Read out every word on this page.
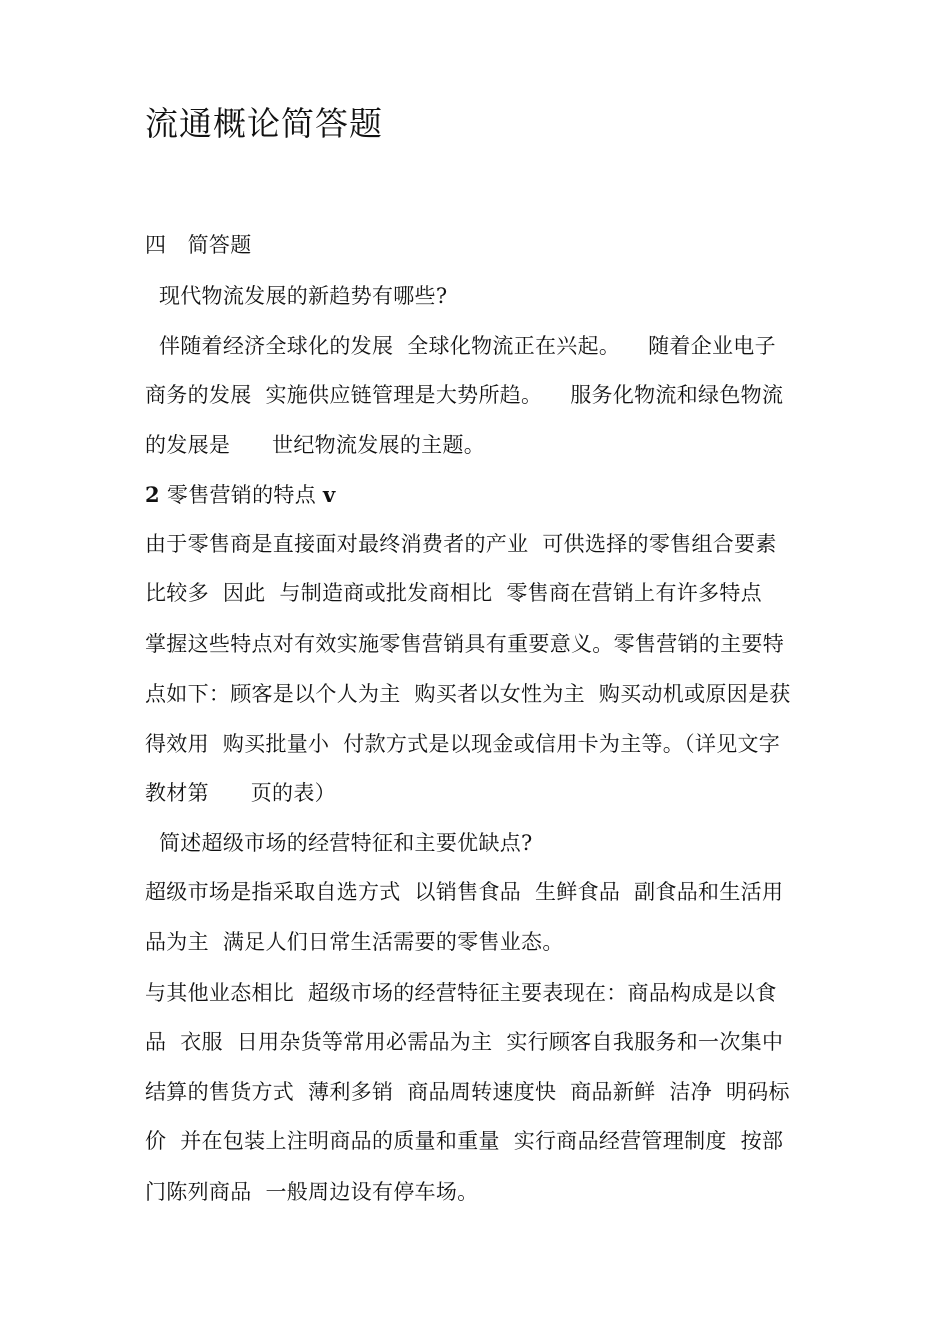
流通概论简答题
四　简答题
现代物流发展的新趋势有哪些?
伴随着经济全球化的发展  全球化物流正在兴起。    随着企业电子
商务的发展  实施供应链管理是大势所趋。    服务化物流和绿色物流
的发展是      世纪物流发展的主题。
2 零售营销的特点 v
由于零售商是直接面对最终消费者的产业  可供选择的零售组合要素
比较多  因此  与制造商或批发商相比  零售商在营销上有许多特点
掌握这些特点对有效实施零售营销具有重要意义。零售营销的主要特
点如下：顾客是以个人为主  购买者以女性为主  购买动机或原因是获
得效用  购买批量小  付款方式是以现金或信用卡为主等。（详见文字
教材第      页的表）
简述超级市场的经营特征和主要优缺点?
超级市场是指采取自选方式  以销售食品  生鲜食品  副食品和生活用
品为主  满足人们日常生活需要的零售业态。
与其他业态相比  超级市场的经营特征主要表现在：商品构成是以食
品  衣服  日用杂货等常用必需品为主  实行顾客自我服务和一次集中
结算的售货方式  薄利多销  商品周转速度快  商品新鲜  洁净  明码标
价  并在包装上注明商品的质量和重量  实行商品经营管理制度  按部
门陈列商品  一般周边设有停车场。
